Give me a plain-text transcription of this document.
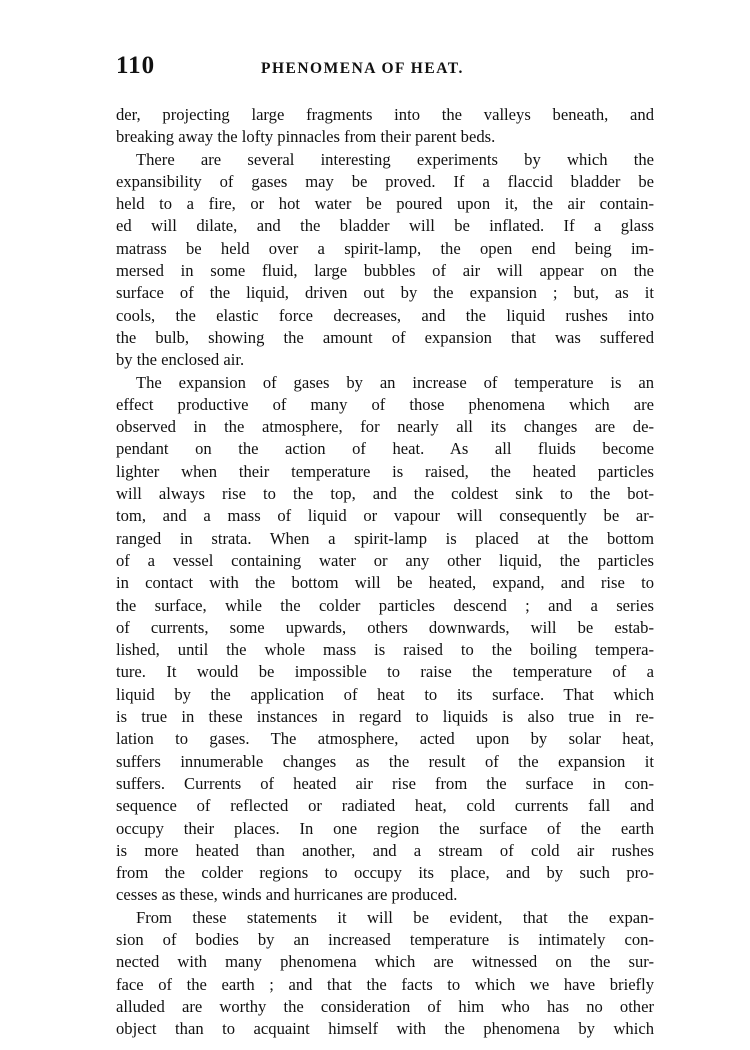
110	PHENOMENA OF HEAT.
der, projecting large fragments into the valleys beneath, and
breaking away the lofty pinnacles from their parent beds.
There are several interesting experiments by which the
expansibility of gases may be proved. If a flaccid bladder be
held to a fire, or hot water be poured upon it, the air contain-
ed will dilate, and the bladder will be inflated. If a glass
matrass be held over a spirit-lamp, the open end being im-
mersed in some fluid, large bubbles of air will appear on the
surface of the liquid, driven out by the expansion ; but, as it
cools, the elastic force decreases, and the liquid rushes into
the bulb, showing the amount of expansion that was suffered
by the enclosed air.
The expansion of gases by an increase of temperature is an
effect productive of many of those phenomena which are
observed in the atmosphere, for nearly all its changes are de-
pendant on the action of heat. As all fluids become
lighter when their temperature is raised, the heated particles
will always rise to the top, and the coldest sink to the bot-
tom, and a mass of liquid or vapour will consequently be ar-
ranged in strata. When a spirit-lamp is placed at the bottom
of a vessel containing water or any other liquid, the particles
in contact with the bottom will be heated, expand, and rise to
the surface, while the colder particles descend ; and a series
of currents, some upwards, others downwards, will be estab-
lished, until the whole mass is raised to the boiling tempera-
ture. It would be impossible to raise the temperature of a
liquid by the application of heat to its surface. That which
is true in these instances in regard to liquids is also true in re-
lation to gases. The atmosphere, acted upon by solar heat,
suffers innumerable changes as the result of the expansion it
suffers. Currents of heated air rise from the surface in con-
sequence of reflected or radiated heat, cold currents fall and
occupy their places. In one region the surface of the earth
is more heated than another, and a stream of cold air rushes
from the colder regions to occupy its place, and by such pro-
cesses as these, winds and hurricanes are produced.
From these statements it will be evident, that the expan-
sion of bodies by an increased temperature is intimately con-
nected with many phenomena which are witnessed on the sur-
face of the earth ; and that the facts to which we have briefly
alluded are worthy the consideration of him who has no other
object than to acquaint himself with the phenomena by which
